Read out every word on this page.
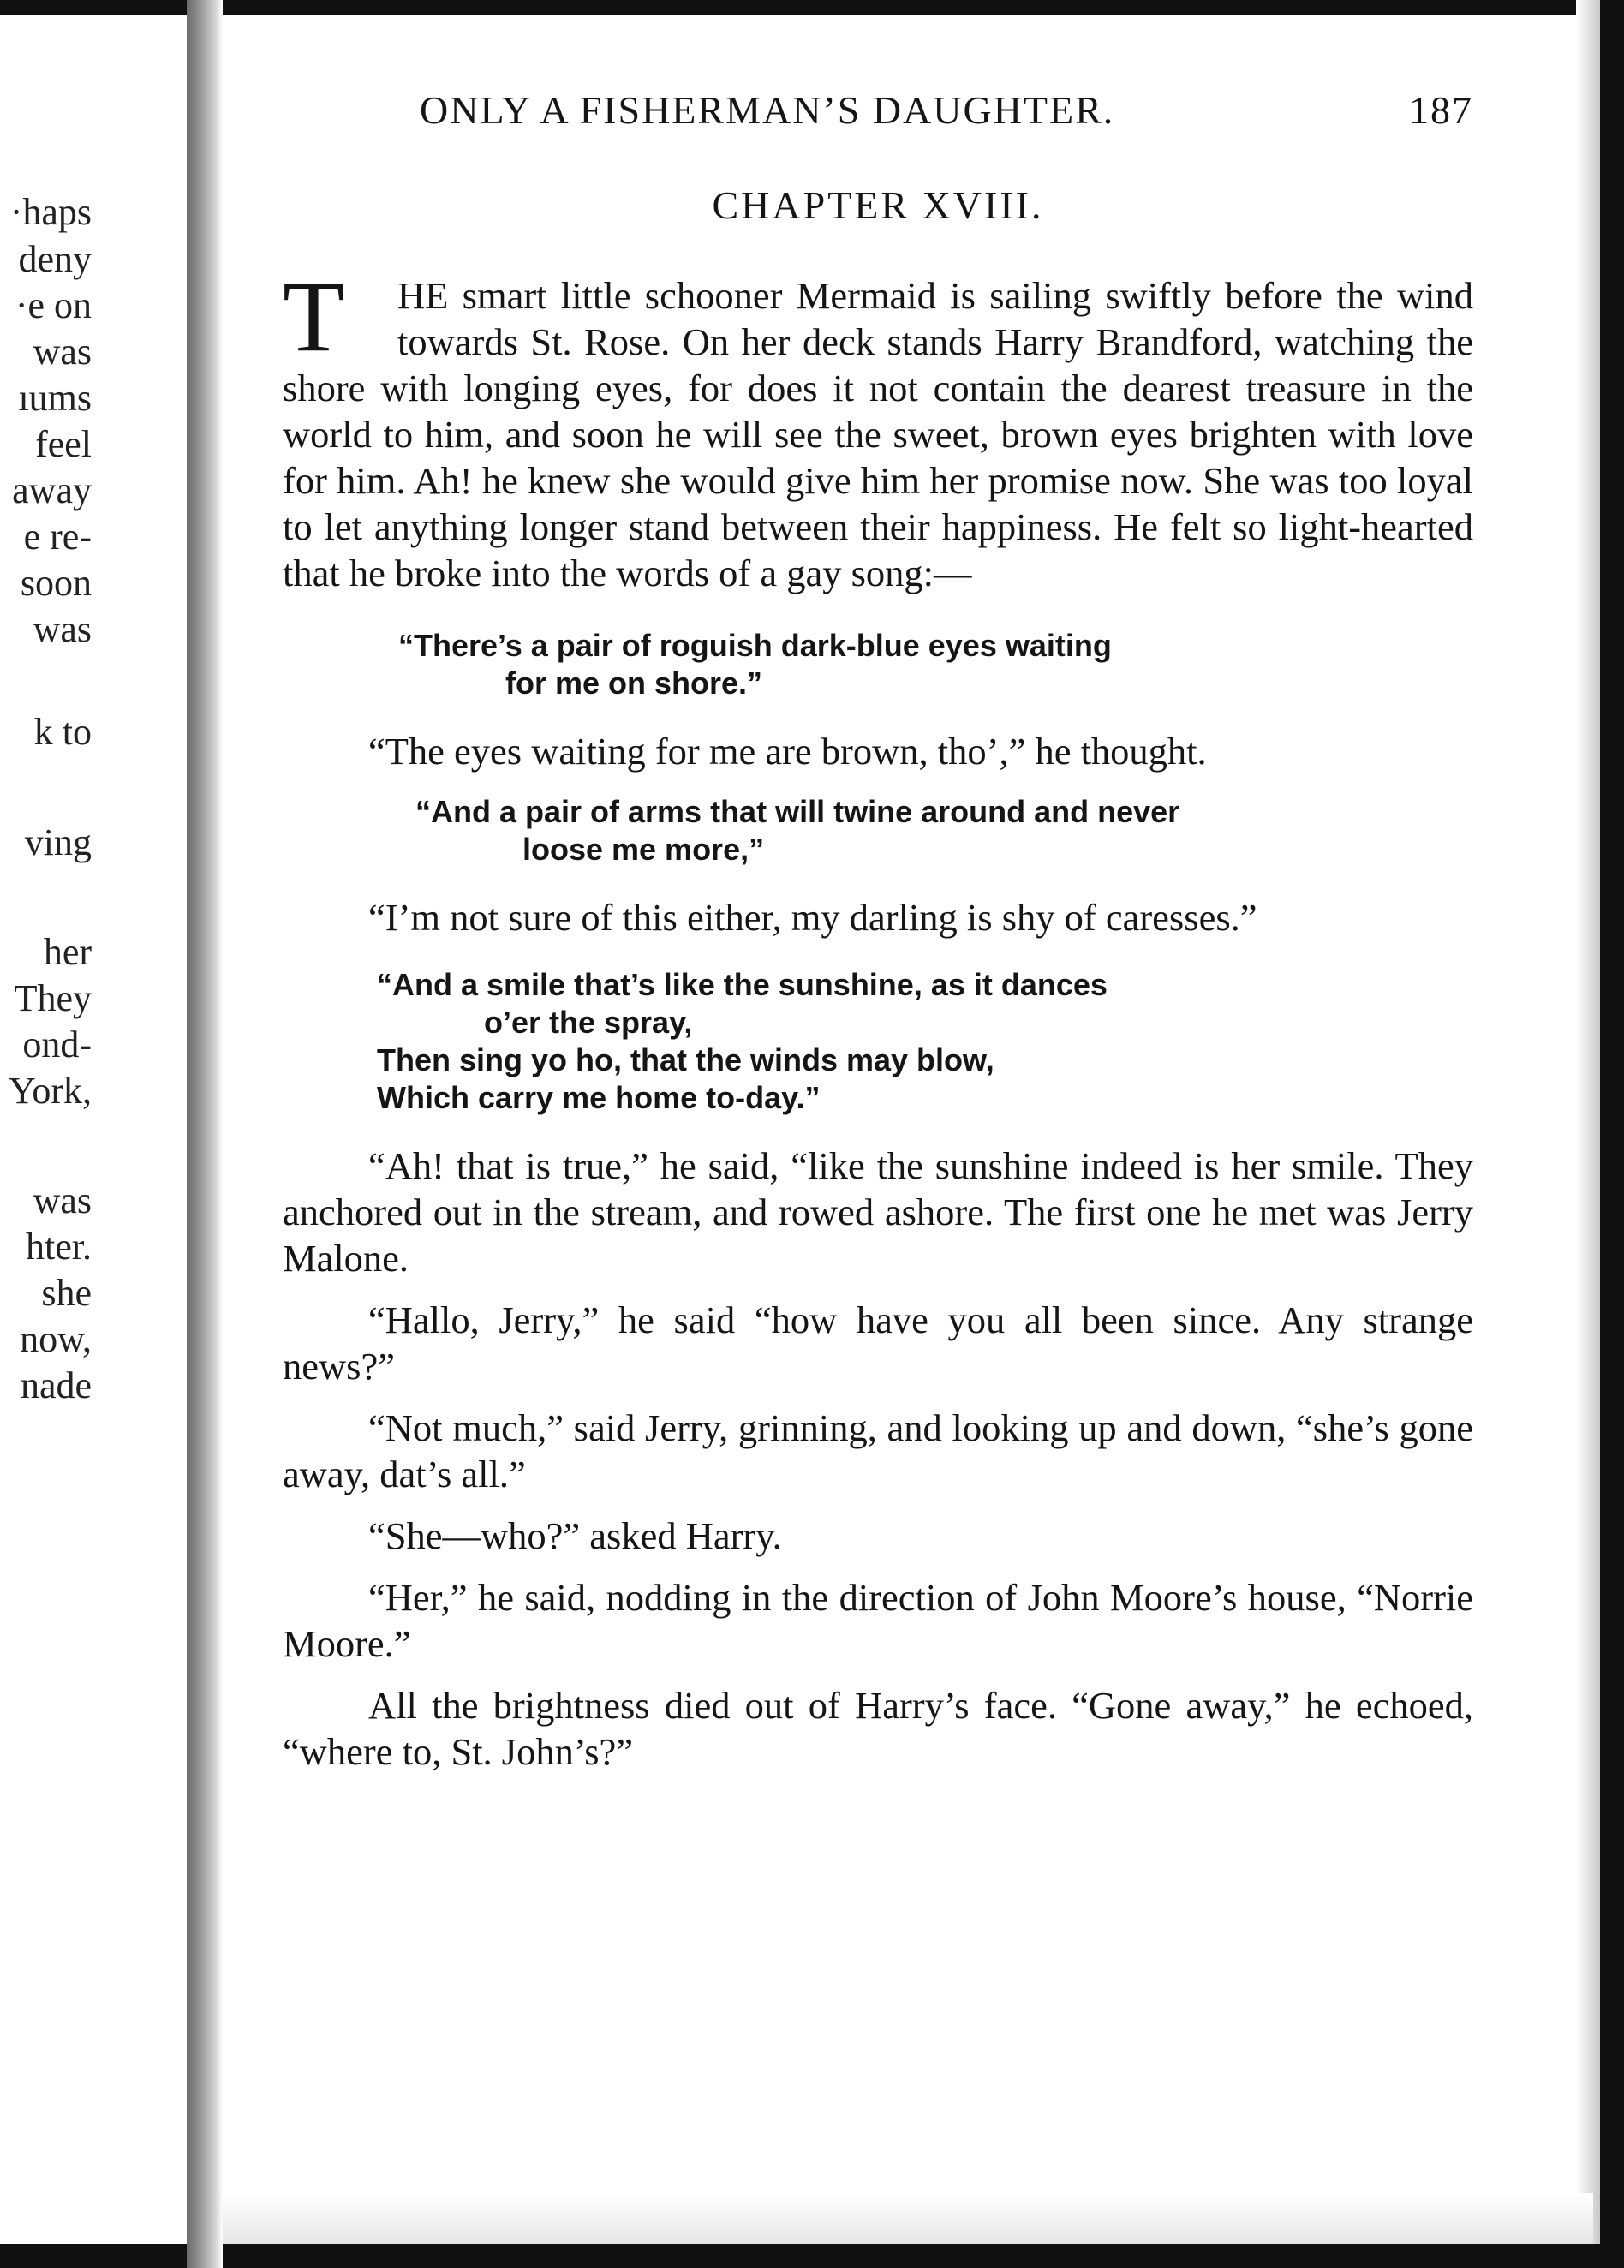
·haps
deny
·e on
was
ıums
feel
away
e re-
soon
was
k to
ving
her
They
ond-
York,
was
hter.
she
now,
nade
ONLY A FISHERMAN’S DAUGHTER.	187
CHAPTER XVIII.

T	HE smart little schooner Mermaid is sailing swiftly before the wind towards St. Rose. On her deck stands Harry Brandford, watching the shore with longing eyes, for does it not contain the dearest treasure in the world to him, and soon he will see the sweet, brown eyes brighten with love for him. Ah! he knew she would give him her promise now. She was too loyal to let anything longer stand between their happiness. He felt so light-hearted that he broke into the words of a gay song:—

“There’s a pair of roguish dark-blue eyes waiting
for me on shore.”

“The eyes waiting for me are brown, tho’,” he thought.

“And a pair of arms that will twine around and never
loose me more,”

“I’m not sure of this either, my darling is shy of caresses.”

“And a smile that’s like the sunshine, as it dances
o’er the spray,
Then sing yo ho, that the winds may blow,
Which carry me home to-day.”

“Ah! that is true,” he said, “like the sunshine indeed is her smile. They anchored out in the stream, and rowed ashore. The first one he met was Jerry Malone.

“Hallo, Jerry,” he said “how have you all been since. Any strange news?”

“Not much,” said Jerry, grinning, and looking up and down, “she’s gone away, dat’s all.”

“She—who?” asked Harry.

“Her,” he said, nodding in the direction of John Moore’s house, “Norrie Moore.”

All the brightness died out of Harry’s face. “Gone away,” he echoed, “where to, St. John’s?”
